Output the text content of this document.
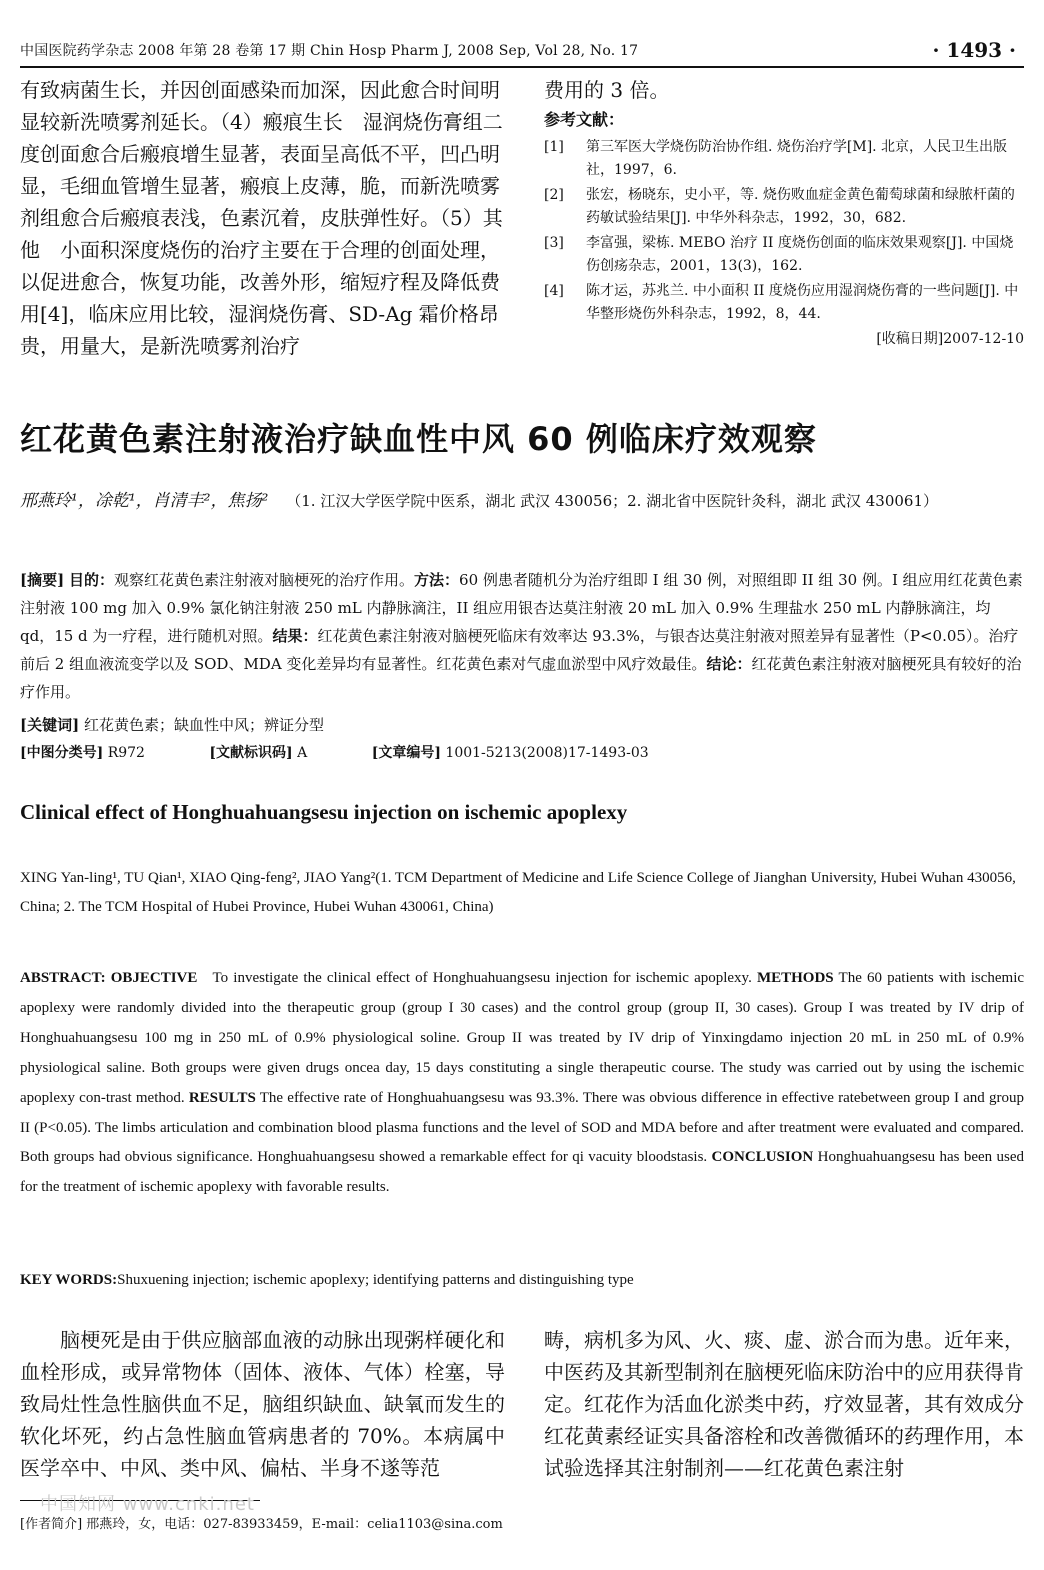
中国医院药学杂志 2008 年第 28 卷第 17 期 Chin Hosp Pharm J, 2008 Sep, Vol 28, No. 17	· 1493 ·

有致病菌生长，并因创面感染而加深，因此愈合时间明显较新洗喷雾剂延长。（4）瘢痕生长　湿润烧伤膏组二度创面愈合后瘢痕增生显著，表面呈高低不平，凹凸明显，毛细血管增生显著，瘢痕上皮薄，脆，而新洗喷雾剂组愈合后瘢痕表浅，色素沉着，皮肤弹性好。（5）其他　小面积深度烧伤的治疗主要在于合理的创面处理，以促进愈合，恢复功能，改善外形，缩短疗程及降低费用[4]，临床应用比较，湿润烧伤膏、SD-Ag 霜价格昂贵，用量大，是新洗喷雾剂治疗

费用的 3 倍。

参考文献：
[1]	第三军医大学烧伤防治协作组. 烧伤治疗学[M]. 北京，人民卫生出版社，1997，6.
[2]	张宏，杨晓东，史小平，等. 烧伤败血症金黄色葡萄球菌和绿脓杆菌的药敏试验结果[J]. 中华外科杂志，1992，30，682.
[3]	李富强，梁栋. MEBO 治疗 II 度烧伤创面的临床效果观察[J]. 中国烧伤创疡杂志，2001，13(3)，162.
[4]	陈才运，苏兆兰. 中小面积 II 度烧伤应用湿润烧伤膏的一些问题[J]. 中华整形烧伤外科杂志，1992，8，44.
[收稿日期]2007-12-10
红花黄色素注射液治疗缺血性中风 60 例临床疗效观察
邢燕玲¹，凃乾¹，肖清丰²，焦扬² （1. 江汉大学医学院中医系，湖北 武汉 430056；2. 湖北省中医院针灸科，湖北 武汉 430061）
[摘要] 目的：观察红花黄色素注射液对脑梗死的治疗作用。方法：60 例患者随机分为治疗组即 I 组 30 例，对照组即 II 组 30 例。I 组应用红花黄色素注射液 100 mg 加入 0.9% 氯化钠注射液 250 mL 内静脉滴注，II 组应用银杏达莫注射液 20 mL 加入 0.9% 生理盐水 250 mL 内静脉滴注，均 qd，15 d 为一疗程，进行随机对照。结果：红花黄色素注射液对脑梗死临床有效率达 93.3%，与银杏达莫注射液对照差异有显著性（P<0.05）。治疗前后 2 组血液流变学以及 SOD、MDA 变化差异均有显著性。红花黄色素对气虚血淤型中风疗效最佳。结论：红花黄色素注射液对脑梗死具有较好的治疗作用。
[关键词] 红花黄色素；缺血性中风；辨证分型
[中图分类号] R972	[文献标识码] A	[文章编号] 1001-5213(2008)17-1493-03
Clinical effect of Honghuahuangsesu injection on ischemic apoplexy
XING Yan-ling¹, TU Qian¹, XIAO Qing-feng², JIAO Yang²(1. TCM Department of Medicine and Life Science College of Jianghan University, Hubei Wuhan 430056, China; 2. The TCM Hospital of Hubei Province, Hubei Wuhan 430061, China)
ABSTRACT: OBJECTIVE To investigate the clinical effect of Honghuahuangsesu injection for ischemic apoplexy. METHODS The 60 patients with ischemic apoplexy were randomly divided into the therapeutic group (group I 30 cases) and the control group (group II, 30 cases). Group I was treated by IV drip of Honghuahuangsesu 100 mg in 250 mL of 0.9% physiological soline. Group II was treated by IV drip of Yinxingdamo injection 20 mL in 250 mL of 0.9% physiological saline. Both groups were given drugs oncea day, 15 days constituting a single therapeutic course. The study was carried out by using the ischemic apoplexy con-trast method. RESULTS The effective rate of Honghuahuangsesu was 93.3%. There was obvious difference in effective ratebetween group I and group II (P<0.05). The limbs articulation and combination blood plasma functions and the level of SOD and MDA before and after treatment were evaluated and compared. Both groups had obvious significance. Honghuahuangsesu showed a remarkable effect for qi vacuity bloodstasis. CONCLUSION Honghuahuangsesu has been used for the treatment of ischemic apoplexy with favorable results.
KEY WORDS:Shuxuening injection; ischemic apoplexy; identifying patterns and distinguishing type
脑梗死是由于供应脑部血液的动脉出现粥样硬化和血栓形成，或异常物体（固体、液体、气体）栓塞，导致局灶性急性脑供血不足，脑组织缺血、缺氧而发生的软化坏死，约占急性脑血管病患者的 70%。本病属中医学卒中、中风、类中风、偏枯、半身不遂等范
畴，病机多为风、火、痰、虚、淤合而为患。近年来，中医药及其新型制剂在脑梗死临床防治中的应用获得肯定。红花作为活血化淤类中药，疗效显著，其有效成分红花黄素经证实具备溶栓和改善微循环的药理作用，本试验选择其注射制剂——红花黄色素注射
中国知网 www.cnki.net
[作者简介] 邢燕玲，女，电话：027-83933459，E-mail：celia1103@sina.com
